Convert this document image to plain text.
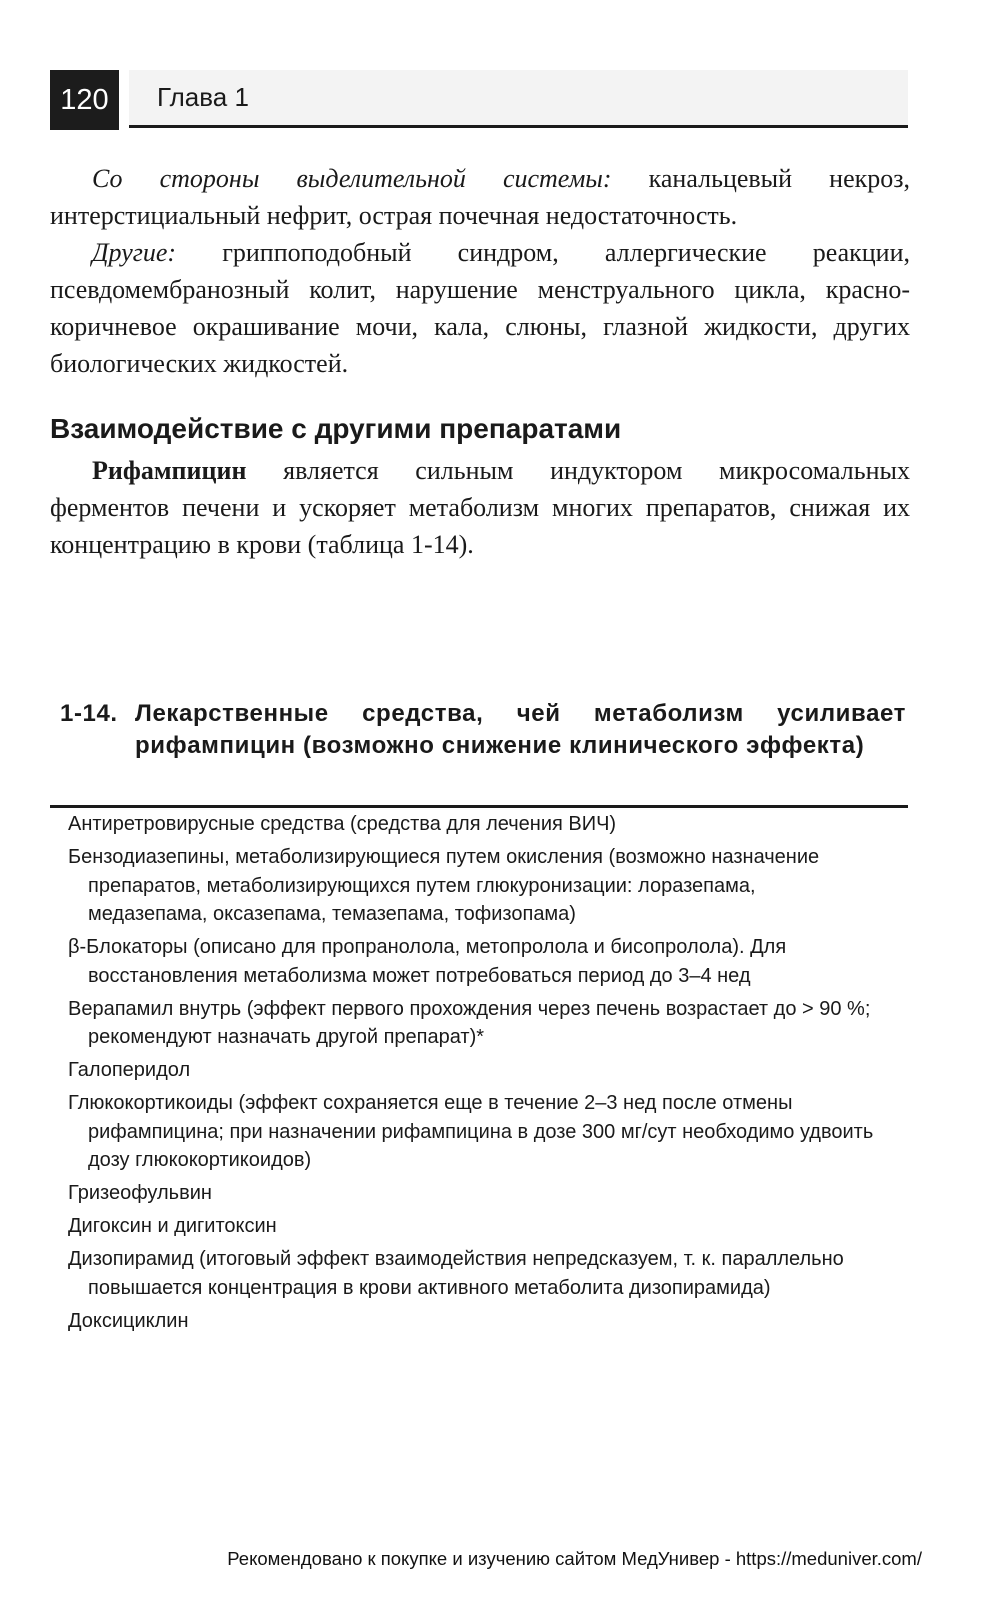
120	Глава 1

Со стороны выделительной системы: канальцевый некроз, интерстициальный нефрит, острая почечная недостаточность.

Другие: гриппоподобный синдром, аллергические реакции, псевдомембранозный колит, нарушение менструального цикла, красно-коричневое окрашивание мочи, кала, слюны, глазной жидкости, других биологических жидкостей.

Взаимодействие с другими препаратами

Рифампицин является сильным индуктором микросомальных ферментов печени и ускоряет метаболизм многих препаратов, снижая их концентрацию в крови (таблица 1-14).

1-14. Лекарственные средства, чей метаболизм усиливает рифампицин (возможно снижение клинического эффекта)
Антиретровирусные средства (средства для лечения ВИЧ)
Бензодиазепины, метаболизирующиеся путем окисления (возможно назначение препаратов, метаболизирующихся путем глюкуронизации: лоразепама, медазепама, оксазепама, темазепама, тофизопама)
β-Блокаторы (описано для пропранолола, метопролола и бисопролола). Для восстановления метаболизма может потребоваться период до 3–4 нед
Верапамил внутрь (эффект первого прохождения через печень возрастает до > 90 %; рекомендуют назначать другой препарат)*
Галоперидол
Глюкокортикоиды (эффект сохраняется еще в течение 2–3 нед после отмены рифампицина; при назначении рифампицина в дозе 300 мг/сут необходимо удвоить дозу глюкокортикоидов)
Гризеофульвин
Дигоксин и дигитоксин
Дизопирамид (итоговый эффект взаимодействия непредсказуем, т. к. параллельно повышается концентрация в крови активного метаболита дизопирамида)
Доксициклин
Рекомендовано к покупке и изучению сайтом МедУнивер - https://meduniver.com/
